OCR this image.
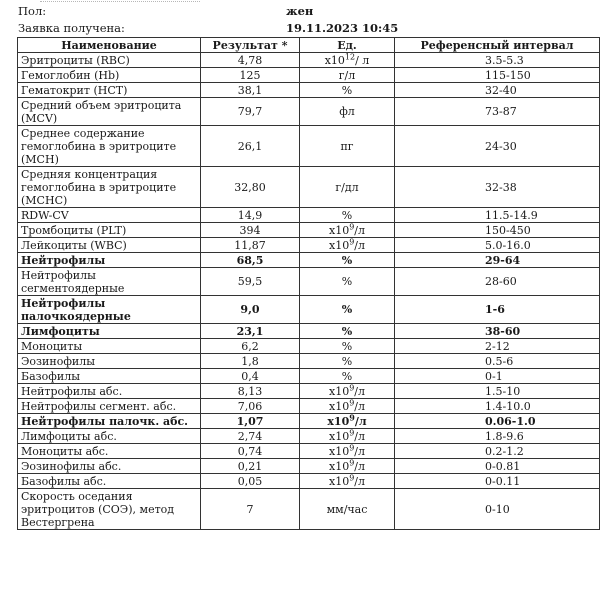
Пол:	жен
Заявка получена:	19.11.2023 10:45
Наименование	Результат *	Ед.	Референсный интервал
Эритроциты (RBC)	4,78	$x10^{12}/$ л	3.5-5.3
Гемоглобин (Hb)	125	г/л	115-150
Гематокрит (HCT)	38,1	%	32-40
Средний объем эритроцита (MCV)	79,7	фл	73-87
Среднее содержание гемоглобина в эритроците (MCH)	26,1	пг	24-30
Средняя концентрация гемоглобина в эритроците (MCHC)	32,80	г/дл	32-38
RDW-CV	14,9	%	11.5-14.9
Тромбоциты (PLT)	394	$x10^9/л$	150-450
Лейкоциты (WBC)	11,87	$x10^9/л$	5.0-16.0
Нейтрофилы	68,5	%	29-64
Нейтрофилы сегментоядерные	59,5	%	28-60
Нейтрофилы палочкоядерные	9,0	%	1-6
Лимфоциты	23,1	%	38-60
Моноциты	6,2	%	2-12
Эозинофилы	1,8	%	0.5-6
Базофилы	0,4	%	0-1
Нейтрофилы абс.	8,13	$x10^9/л$	1.5-10
Нейтрофилы сегмент. абс.	7,06	$x10^9/л$	1.4-10.0
Нейтрофилы палочк. абс.	1,07	$x10^9/л$	0.06-1.0
Лимфоциты абс.	2,74	$x10^9/л$	1.8-9.6
Моноциты абс.	0,74	$x10^9/л$	0.2-1.2
Эозинофилы абс.	0,21	$x10^9/л$	0-0.81
Базофилы абс.	0,05	$x10^9/л$	0-0.11
Скорость оседания эритроцитов (СОЭ), метод Вестергрена	7	мм/час	0-10
